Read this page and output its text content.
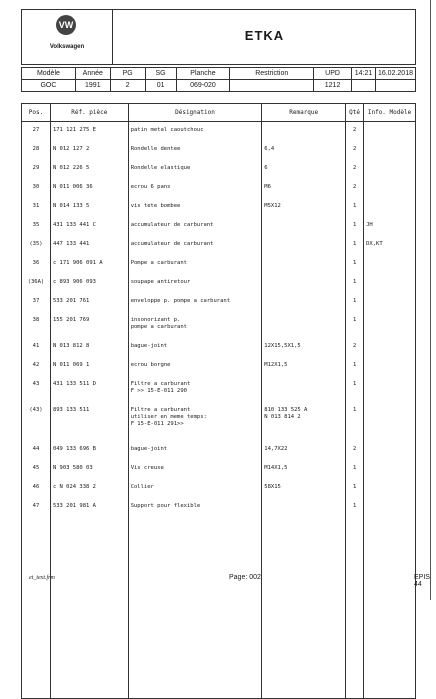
VW
Volkswagen
ETKA
Modèle	Année	PG	SG	Planche	Restriction	UPD	14:21	16.02.2018
GOC	1991	2	01	069-020		1212		
Pos.	Réf. pièce	Désignation	Remarque	Qté	Info. Modèle
27	171 121 275 E	patin metal caoutchouc		2	
28	N 012 127 2	Rondelle dentee	6,4	2	
29	N 012 226 5	Rondelle elastique	6	2	
30	N 011 006 36	ecrou 6 pans	M6	2	
31	N 014 133 5	vis tete bombee	M5X12	1	
35	431 133 441 C	accumulateur de carburant		1	JH
(35)	447 133 441	accumulateur de carburant		1	DX,KT
36	c 171 906 091 A	Pompe a carburant		1	
(36A)	c 893 906 093	soupape antiretour		1	
37	533 201 761	enveloppe p. pompe a carburant		1	
38	155 201 769	insonorizant p.
pompe a carburant		1	
41	N 013 812 8	bague-joint	12X15,5X1,5	2	
42	N 011 069 1	ecrou borgne	M12X1,5	1	
43	431 133 511 D	Filtre a carburant
F >> 15-E-011 290		1	
(43)	893 133 511	Filtre a carburant
utiliser en meme temps:
F 15-E-011 291>>	810 133 525 A
N 013 814 2	1	
44	049 133 696 B	bague-joint	14,7X22	2	
45	N 903 580 03	Vis creuse	M14X1,5	1	
46	c N 024 338 2	Collier	58X15	1	
47	533 201 981 A	Support pour flexible		1	

et_text.frm	Page: 002	EPIS 44
